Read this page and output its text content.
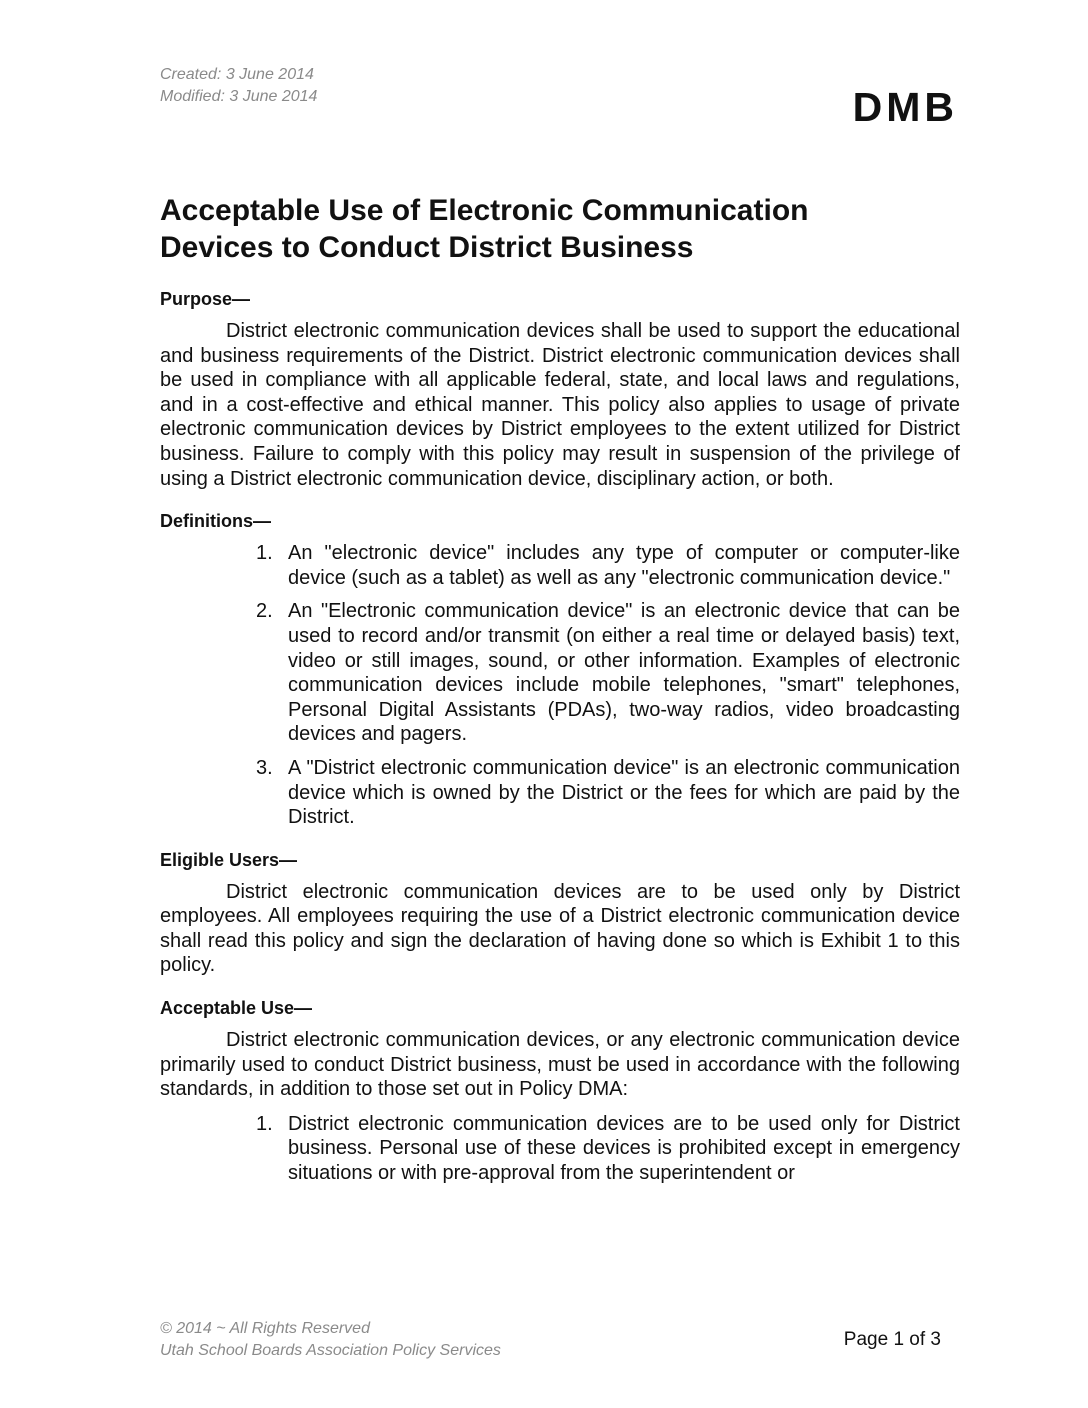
Created: 3 June 2014
Modified: 3 June 2014	DMB
Acceptable Use of Electronic Communication
Devices to Conduct District Business

Purpose—

District electronic communication devices shall be used to support the educational and business requirements of the District. District electronic communication devices shall be used in compliance with all applicable federal, state, and local laws and regulations, and in a cost-effective and ethical manner. This policy also applies to usage of private electronic communication devices by District employees to the extent utilized for District business. Failure to comply with this policy may result in suspension of the privilege of using a District electronic communication device, disciplinary action, or both.

Definitions—

1. An "electronic device" includes any type of computer or computer-like device (such as a tablet) as well as any "electronic communication device."
2. An "Electronic communication device" is an electronic device that can be used to record and/or transmit (on either a real time or delayed basis) text, video or still images, sound, or other information. Examples of electronic communication devices include mobile telephones, "smart" telephones, Personal Digital Assistants (PDAs), two-way radios, video broadcasting devices and pagers.
3. A "District electronic communication device" is an electronic communication device which is owned by the District or the fees for which are paid by the District.

Eligible Users—

District electronic communication devices are to be used only by District employees. All employees requiring the use of a District electronic communication device shall read this policy and sign the declaration of having done so which is Exhibit 1 to this policy.

Acceptable Use—

District electronic communication devices, or any electronic communication device primarily used to conduct District business, must be used in accordance with the following standards, in addition to those set out in Policy DMA:

1. District electronic communication devices are to be used only for District business. Personal use of these devices is prohibited except in emergency situations or with pre-approval from the superintendent or
© 2014 ~ All Rights Reserved
Utah School Boards Association Policy Services
Page 1 of 3
